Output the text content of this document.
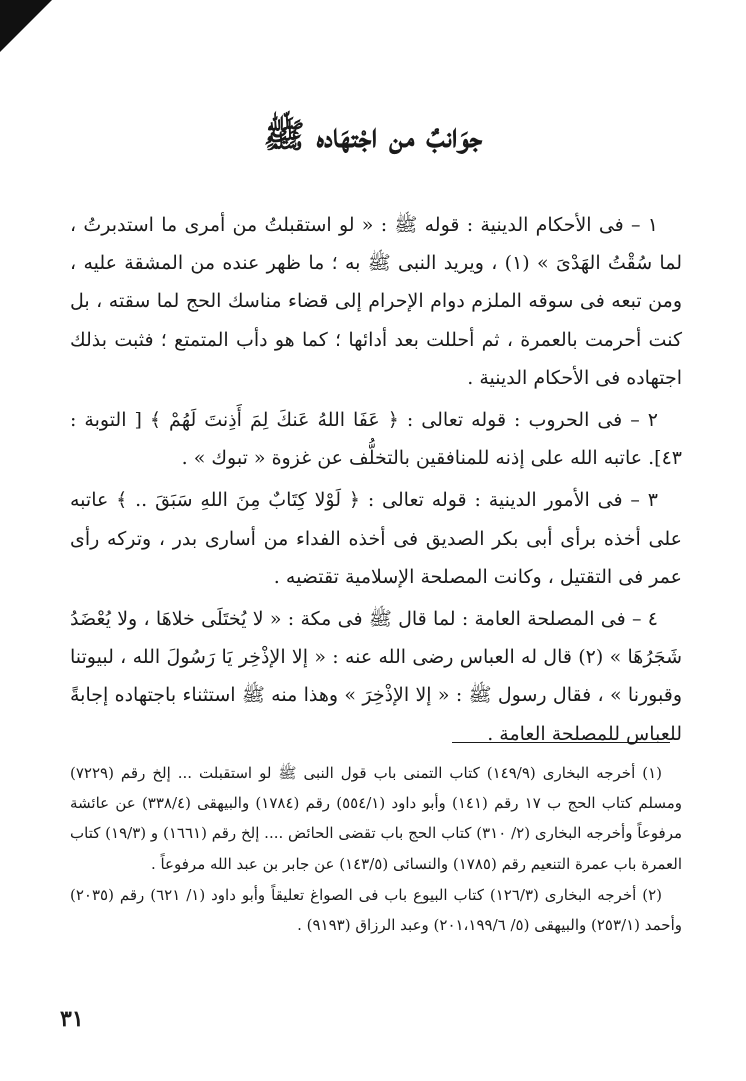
جوَانبٌ من اجْتهَاده ﷺ

١ – فى الأحكام الدينية : قوله ﷺ : « لو استقبلتُ من أمرى ما استدبرتُ ، لما سُقْتُ الهَدْىَ » (١) ، ويريد النبى ﷺ به ؛ ما ظهر عنده من المشقة عليه ، ومن تبعه فى سوقه الملزم دوام الإحرام إلى قضاء مناسك الحج لما سقته ، بل كنت أحرمت بالعمرة ، ثم أحللت بعد أدائها ؛ كما هو دأب المتمتع ؛ فثبت بذلك اجتهاده فى الأحكام الدينية .

٢ – فى الحروب : قوله تعالى : ﴿ عَفَا اللهُ عَنكَ لِمَ أَذِنتَ لَهُمْ ﴾ [ التوبة : ٤٣]. عاتبه الله على إذنه للمنافقين بالتخلُّف عن غزوة « تبوك » .

٣ – فى الأمور الدينية : قوله تعالى : ﴿ لَوْلا كِتَابٌ مِنَ اللهِ سَبَقَ .. ﴾ عاتبه على أخذه برأى أبى بكر الصديق فى أخذه الفداء من أسارى بدر ، وتركه رأى عمر فى التقتيل ، وكانت المصلحة الإسلامية تقتضيه .

٤ – فى المصلحة العامة : لما قال ﷺ فى مكة : « لا يُختَلَى خلاهَا ، ولا يُعْضَدُ شَجَرُهَا » (٢) قال له العباس رضى الله عنه : « إلا الإذْخِر يَا رَسُولَ الله ، لبيوتنا وقبورنا » ، فقال رسول ﷺ : « إلا الإذْخِرَ » وهذا منه ﷺ استثناء باجتهاده إجابةً للعباس للمصلحة العامة .

(١) أخرجه البخارى (١٤٩/٩) كتاب التمنى باب قول النبى ﷺ لو استقبلت ... إلخ رقم (٧٢٢٩) ومسلم كتاب الحج ب ١٧ رقم (١٤١) وأبو داود (٥٥٤/١) رقم (١٧٨٤) والبيهقى (٣٣٨/٤) عن عائشة مرفوعاً وأخرجه البخارى (٢/ ٣١٠) كتاب الحج باب تقضى الحائض .... إلخ رقم (١٦٦١) و (١٩/٣) كتاب العمرة باب عمرة التنعيم رقم (١٧٨٥) والنسائى (١٤٣/٥) عن جابر بن عبد الله مرفوعاً .

(٢) أخرجه البخارى (١٢٦/٣) كتاب البيوع باب فى الصواغ تعليقاً وأبو داود (١/ ٦٢١) رقم (٢٠٣٥) وأحمد (٢٥٣/١) والبيهقى (٥/ ٢٠١،١٩٩/٦) وعبد الرزاق (٩١٩٣) .

٣١
